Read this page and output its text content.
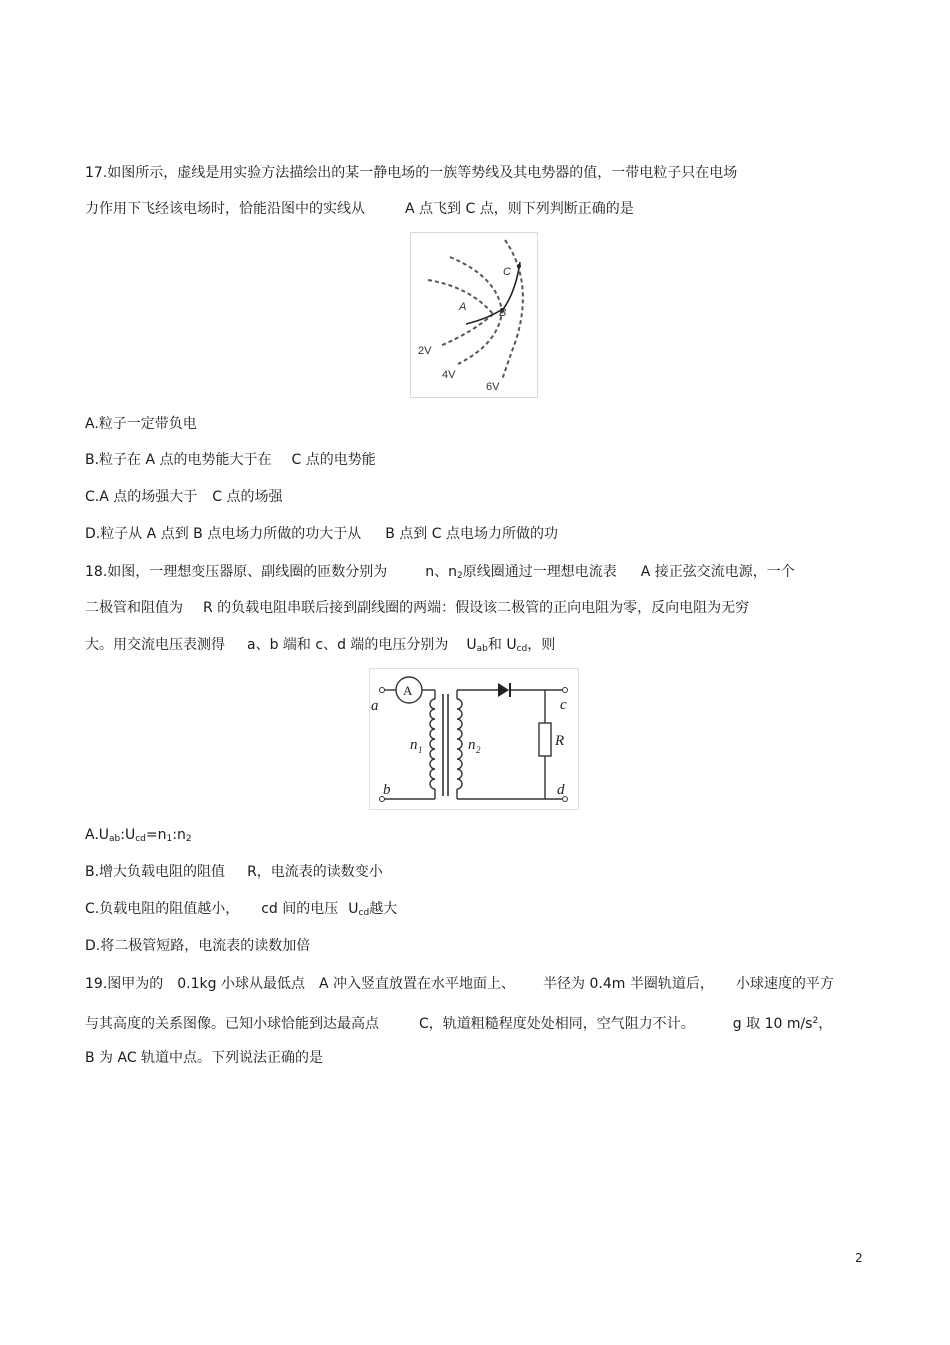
17.如图所示，虚线是用实验方法描绘出的某一静电场的一族等势线及其电势器的值，一带电粒子只在电场
力作用下飞经该电场时，恰能沿图中的实线从	A 点飞到 C 点，则下列判断正确的是
A	B
C
2V
4V
6V
A.粒子一定带负电
B.粒子在 A 点的电势能大于在 C 点的电势能
C.A 点的场强大于 C 点的场强
D.粒子从 A 点到 B 点电场力所做的功大于从 B 点到 C 点电场力所做的功
18.如图，一理想变压器原、副线圈的匝数分别为	n、$n_2$原线圈通过一理想电流表 A 接正弦交流电源，一个
二极管和阻值为 R 的负载电阻串联后接到副线圈的两端：假设该二极管的正向电阻为零，反向电阻为无穷
大。用交流电压表测得 a、b 端和 c、d 端的电压分别为 $U_{ab}$和 $U_{cd}$，则
A
a
b
c
d
n 1	n 2
R
$A.U_{ab}:U_{cd}=n_1:n_2$
B.增大负载电阻的阻值 R，电流表的读数变小
C.负载电阻的阻值越小， cd 间的电压 $U_{cd}$越大
D.将二极管短路，电流表的读数加倍
19.图甲为的 0.1kg 小球从最低点 A 冲入竖直放置在水平地面上、 半径为 0.4m 半圈轨道后， 小球速度的平方
与其高度的关系图像。已知小球恰能到达最高点	C，轨道粗糙程度处处相同，空气阻力不计。	g 取 10 $m/s^2$，
B 为 AC 轨道中点。下列说法正确的是
2
